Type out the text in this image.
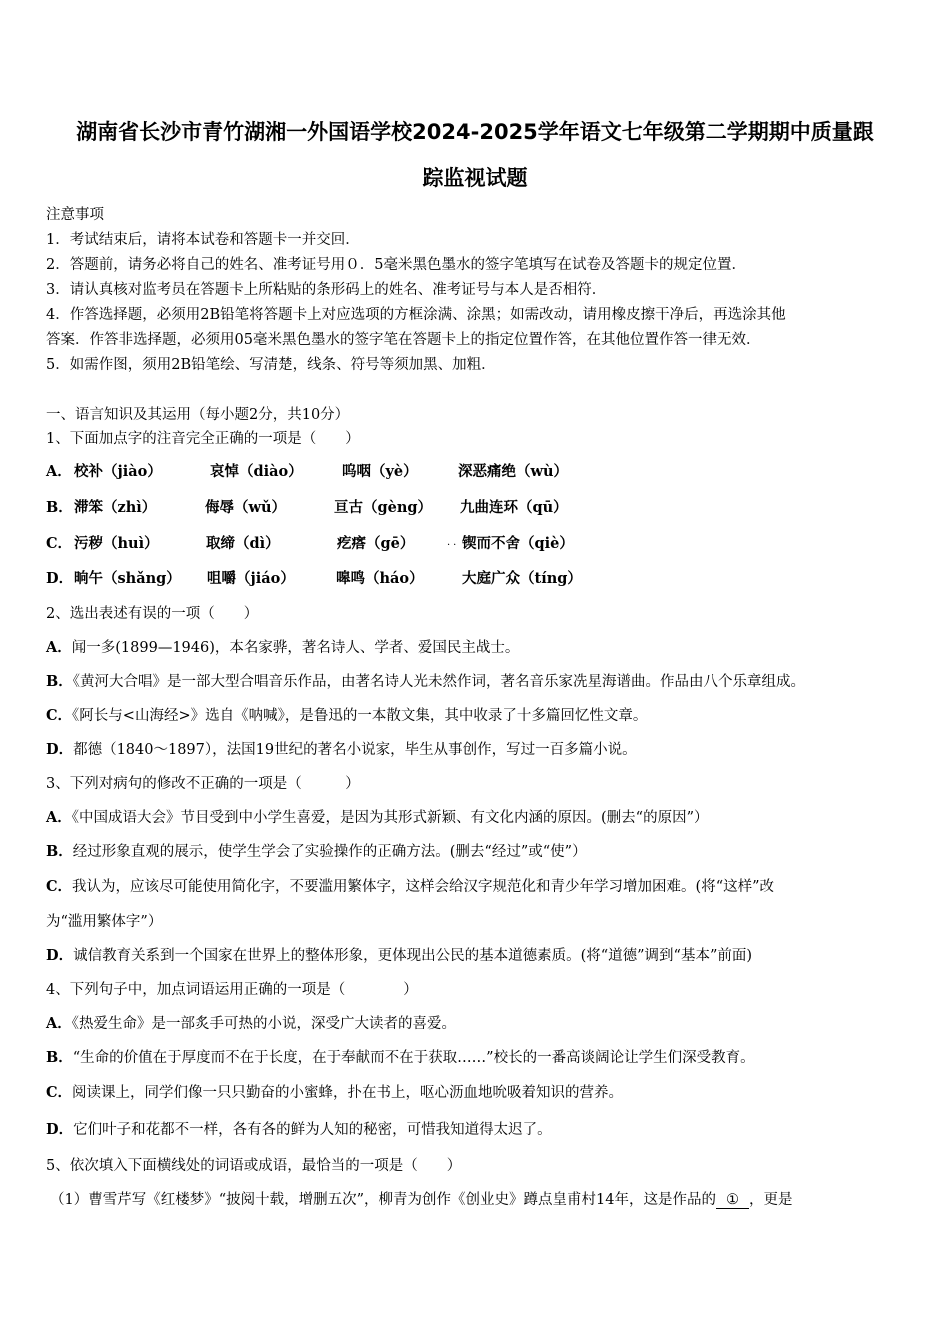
湖南省长沙市青竹湖湘一外国语学校2024-2025学年语文七年级第二学期期中质量跟
踪监视试题
注意事项
1．考试结束后，请将本试卷和答题卡一并交回．
2．答题前，请务必将自己的姓名、准考证号用０．5毫米黑色墨水的签字笔填写在试卷及答题卡的规定位置．
3．请认真核对监考员在答题卡上所粘贴的条形码上的姓名、准考证号与本人是否相符．
4．作答选择题，必须用2B铅笔将答题卡上对应选项的方框涂满、涂黑；如需改动，请用橡皮擦干净后，再选涂其他
答案．作答非选择题，必须用05毫米黑色墨水的签字笔在答题卡上的指定位置作答，在其他位置作答一律无效．
5．如需作图，须用2B铅笔绘、写清楚，线条、符号等须加黑、加粗．
一、语言知识及其运用（每小题2分，共10分）
1、下面加点字的注音完全正确的一项是（　　）
A． 校补（jiào）	哀悼（diào）	呜咽（yè）	深恶痛绝（wù）
B． 滞笨（zhì）	侮辱（wǔ）	亘古（gèng） 九曲连环（qū）
C． 污秽（huì）	取缔（dì）	疙瘩（gē）	·· 锲而不舍（qiè）
D． 晌午（shǎng） 咀嚼（jiáo）	嗥鸣（háo）	大庭广众（tíng）
2、选出表述有误的一项（　　）
A．闻一多(1899—1946)，本名家骅，著名诗人、学者、爱国民主战士。
B．《黄河大合唱》是一部大型合唱音乐作品，由著名诗人光未然作词，著名音乐家冼星海谱曲。作品由八个乐章组成。
C．《阿长与<山海经>》选自《呐喊》，是鲁迅的一本散文集，其中收录了十多篇回忆性文章。
D．都德（1840～1897），法国19世纪的著名小说家，毕生从事创作，写过一百多篇小说。
3、下列对病句的修改不正确的一项是（　　　）
A．《中国成语大会》节目受到中小学生喜爱，是因为其形式新颖、有文化内涵的原因。(删去“的原因”）
B．经过形象直观的展示，使学生学会了实验操作的正确方法。(删去“经过”或“使”）
C．我认为，应该尽可能使用简化字，不要滥用繁体字，这样会给汉字规范化和青少年学习增加困难。(将“这样”改
为“滥用繁体字”）
D．诚信教育关系到一个国家在世界上的整体形象，更体现出公民的基本道德素质。(将“道德”调到“基本”前面)
4、下列句子中，加点词语运用正确的一项是（　　　　）
A．《热爱生命》是一部炙手可热的小说，深受广大读者的喜爱。
B．“生命的价值在于厚度而不在于长度，在于奉献而不在于获取……”校长的一番高谈阔论让学生们深受教育。
C．阅读课上，同学们像一只只勤奋的小蜜蜂，扑在书上，呕心沥血地吮吸着知识的营养。
D．它们叶子和花都不一样，各有各的鲜为人知的秘密，可惜我知道得太迟了。
5、依次填入下面横线处的词语或成语，最恰当的一项是（　　）
（1）曹雪芹写《红楼梦》“披阅十载，增删五次”，柳青为创作《创业史》蹲点皇甫村14年，这是作品的 ① ，更是
